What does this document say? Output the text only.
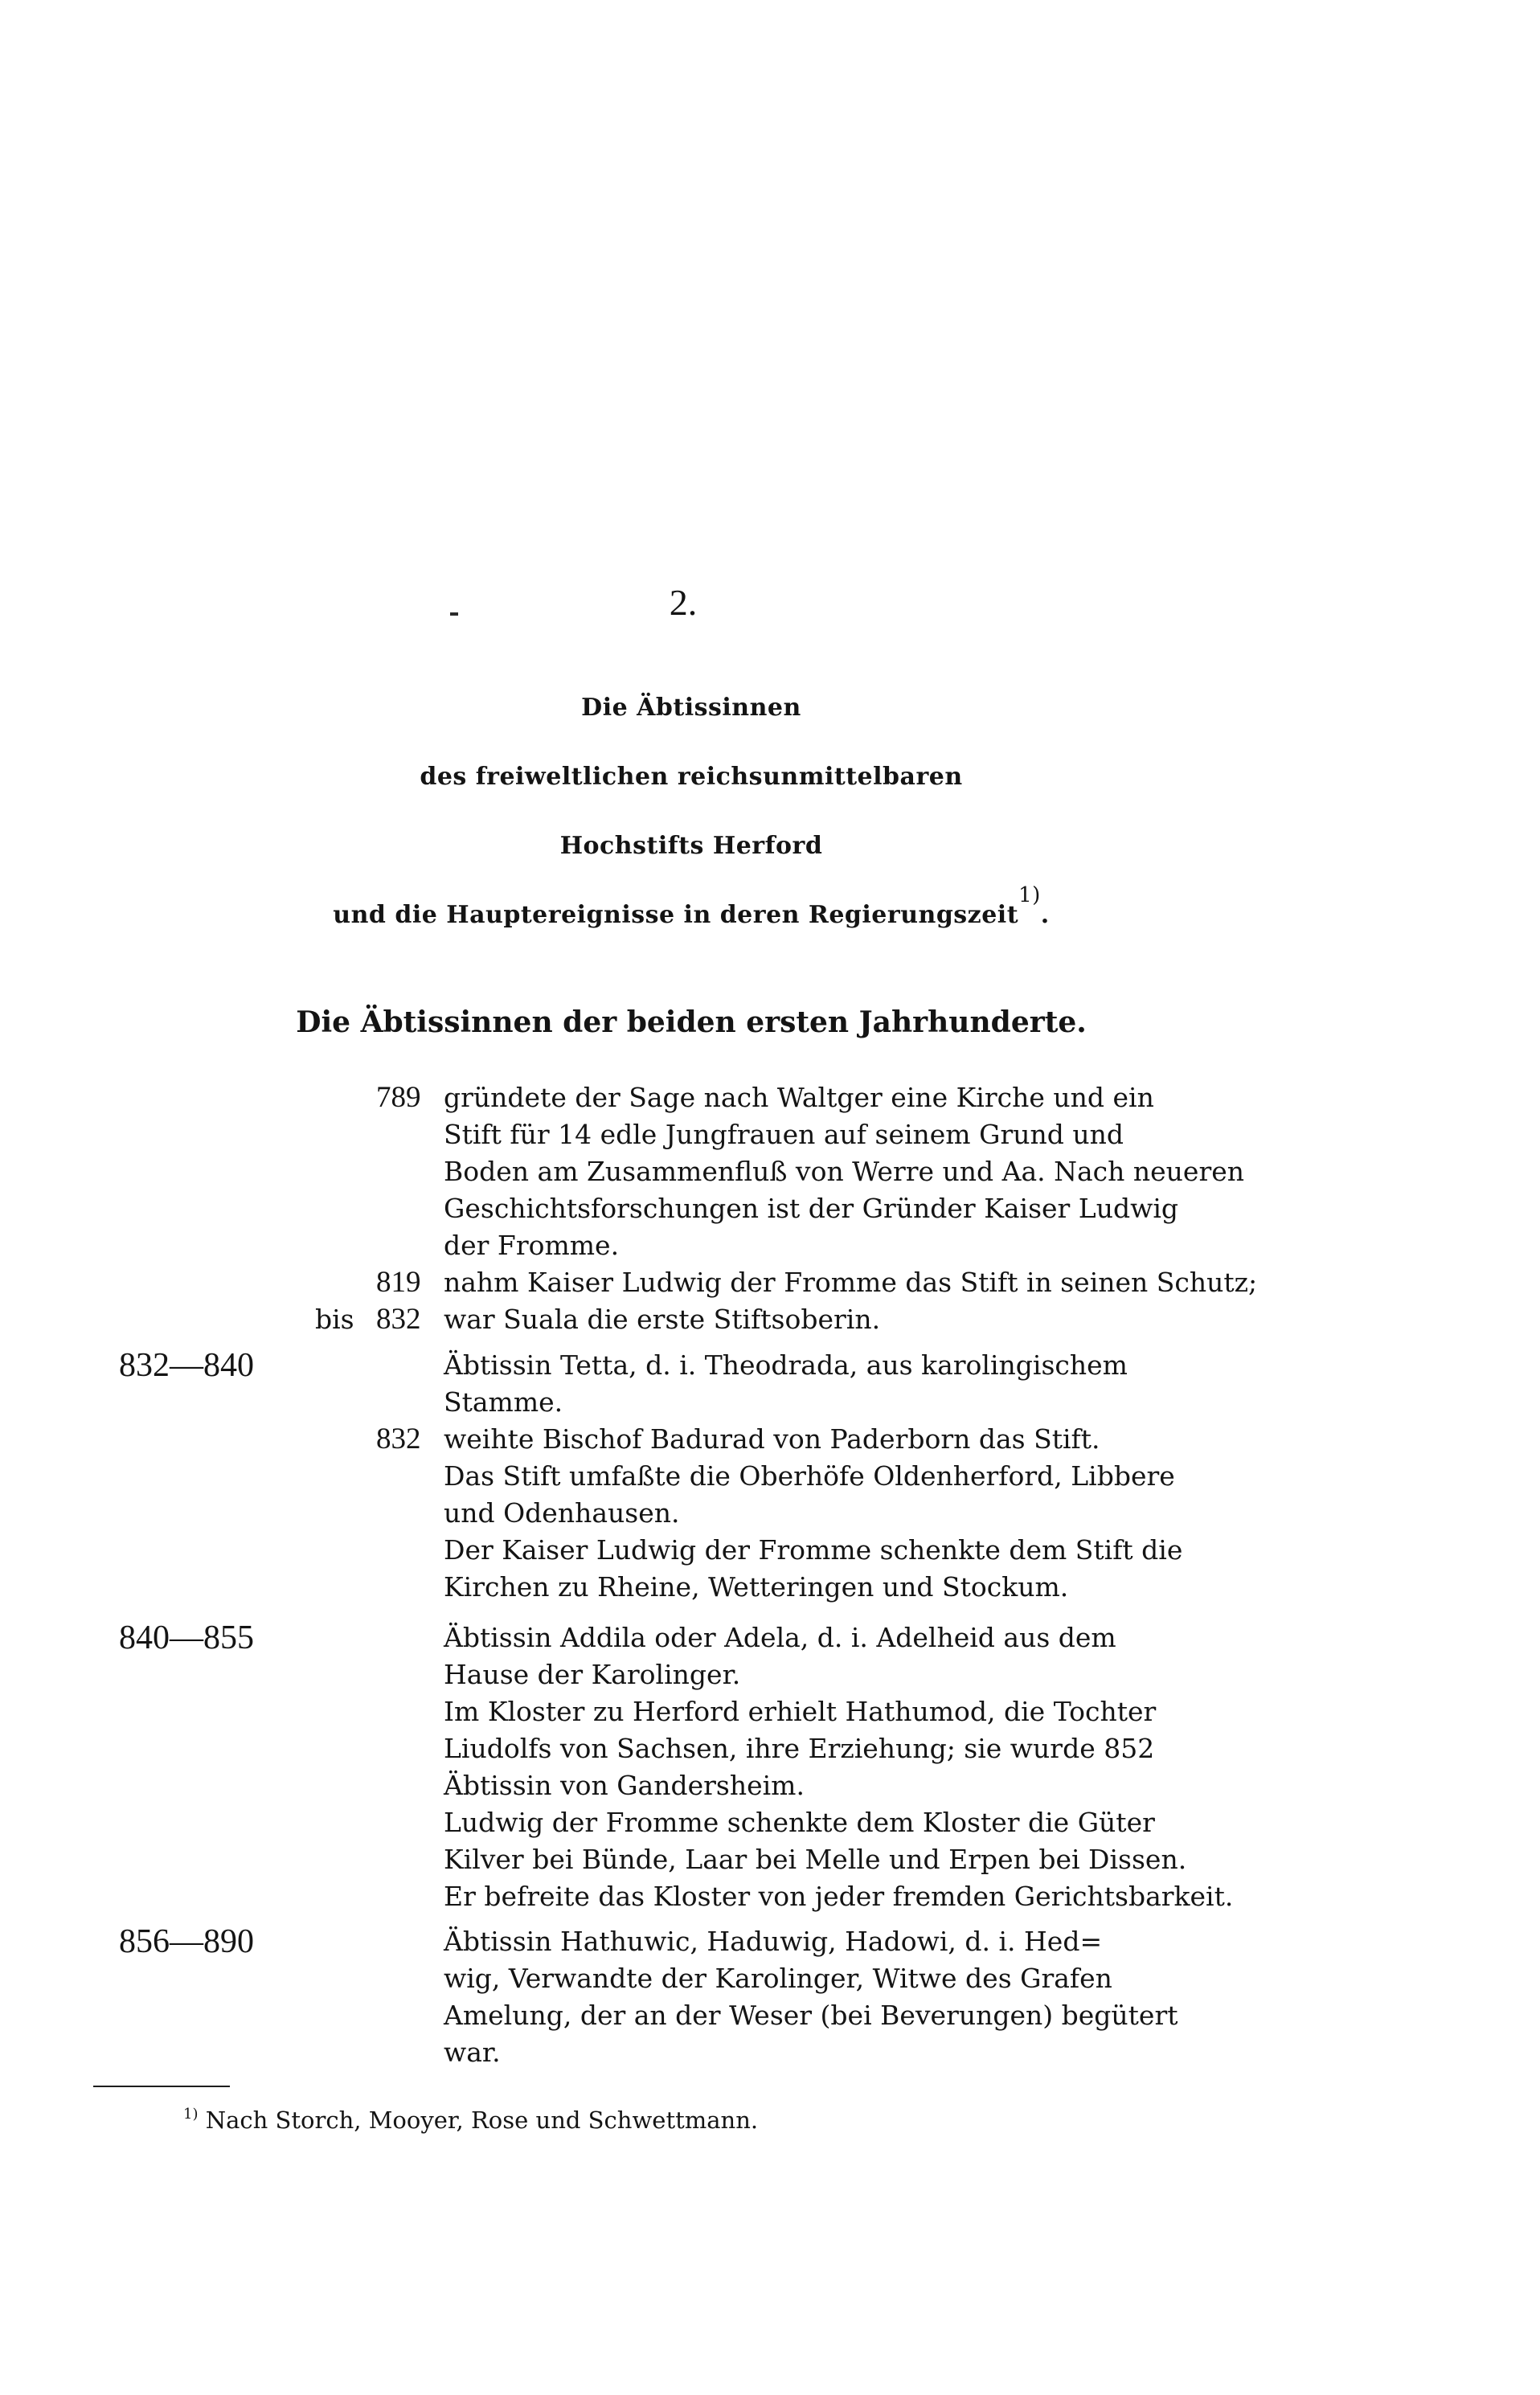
2.
Die Äbtissinnen
des freiweltlichen reichsunmittelbaren
Hochstifts Herford
und die Hauptereignisse in deren Regierungszeit$^{1)}$.
Die Äbtissinnen der beiden ersten Jahrhunderte.
789 gründete der Sage nach Waltger eine Kirche und ein
Stift für 14 edle Jungfrauen auf seinem Grund und
Boden am Zusammenfluß von Werre und Aa. Nach neueren
Geschichtsforschungen ist der Gründer Kaiser Ludwig
der Fromme.
819 nahm Kaiser Ludwig der Fromme das Stift in seinen Schutz;
bis 832 war Suala die erste Stiftsoberin.
832—840	Äbtissin Tetta, d. i. Theodrada, aus karolingischem
Stamme.
832 weihte Bischof Badurad von Paderborn das Stift.
Das Stift umfaßte die Oberhöfe Oldenherford, Libbere
und Odenhausen.
Der Kaiser Ludwig der Fromme schenkte dem Stift die
Kirchen zu Rheine, Wetteringen und Stockum.
840—855	Äbtissin Addila oder Adela, d. i. Adelheid aus dem
Hause der Karolinger.
Im Kloster zu Herford erhielt Hathumod, die Tochter
Liudolfs von Sachsen, ihre Erziehung; sie wurde 852
Äbtissin von Gandersheim.
Ludwig der Fromme schenkte dem Kloster die Güter
Kilver bei Bünde, Laar bei Melle und Erpen bei Dissen.
Er befreite das Kloster von jeder fremden Gerichtsbarkeit.
856—890	Äbtissin Hathuwic, Haduwig, Hadowi, d. i. Hed=
wig, Verwandte der Karolinger, Witwe des Grafen
Amelung, der an der Weser (bei Beverungen) begütert
war.
$^{1)}$ Nach Storch, Mooyer, Rose und Schwettmann.
